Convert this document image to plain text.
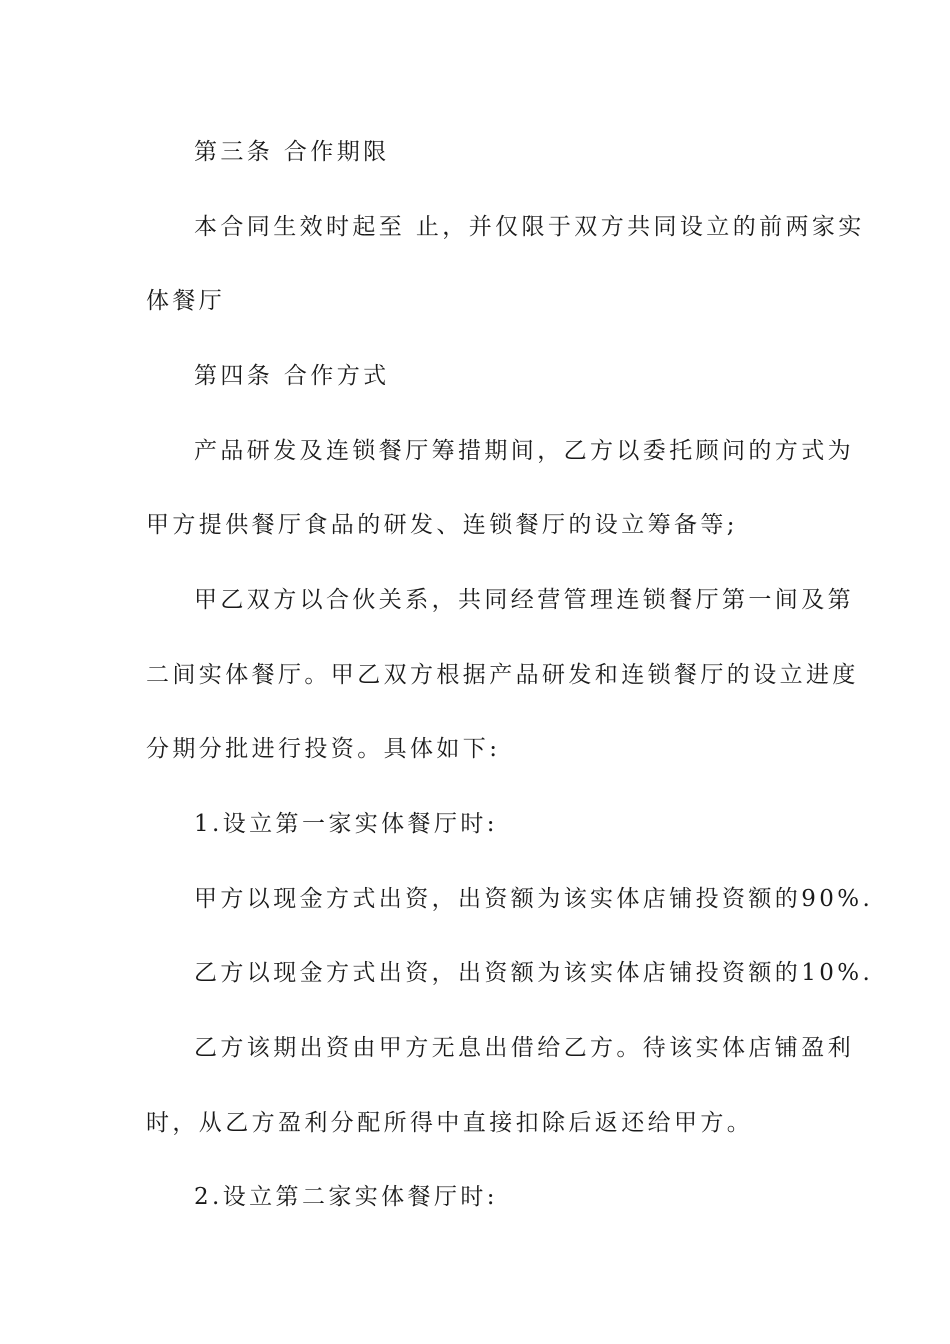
第三条 合作期限
本合同生效时起至 止，并仅限于双方共同设立的前两家实
体餐厅
第四条 合作方式
产品研发及连锁餐厅筹措期间，乙方以委托顾问的方式为
甲方提供餐厅食品的研发、连锁餐厅的设立筹备等;
甲乙双方以合伙关系，共同经营管理连锁餐厅第一间及第
二间实体餐厅。甲乙双方根据产品研发和连锁餐厅的设立进度
分期分批进行投资。具体如下:
1.设立第一家实体餐厅时:
甲方以现金方式出资，出资额为该实体店铺投资额的90%.
乙方以现金方式出资，出资额为该实体店铺投资额的10%.
乙方该期出资由甲方无息出借给乙方。待该实体店铺盈利
时，从乙方盈利分配所得中直接扣除后返还给甲方。
2.设立第二家实体餐厅时:
